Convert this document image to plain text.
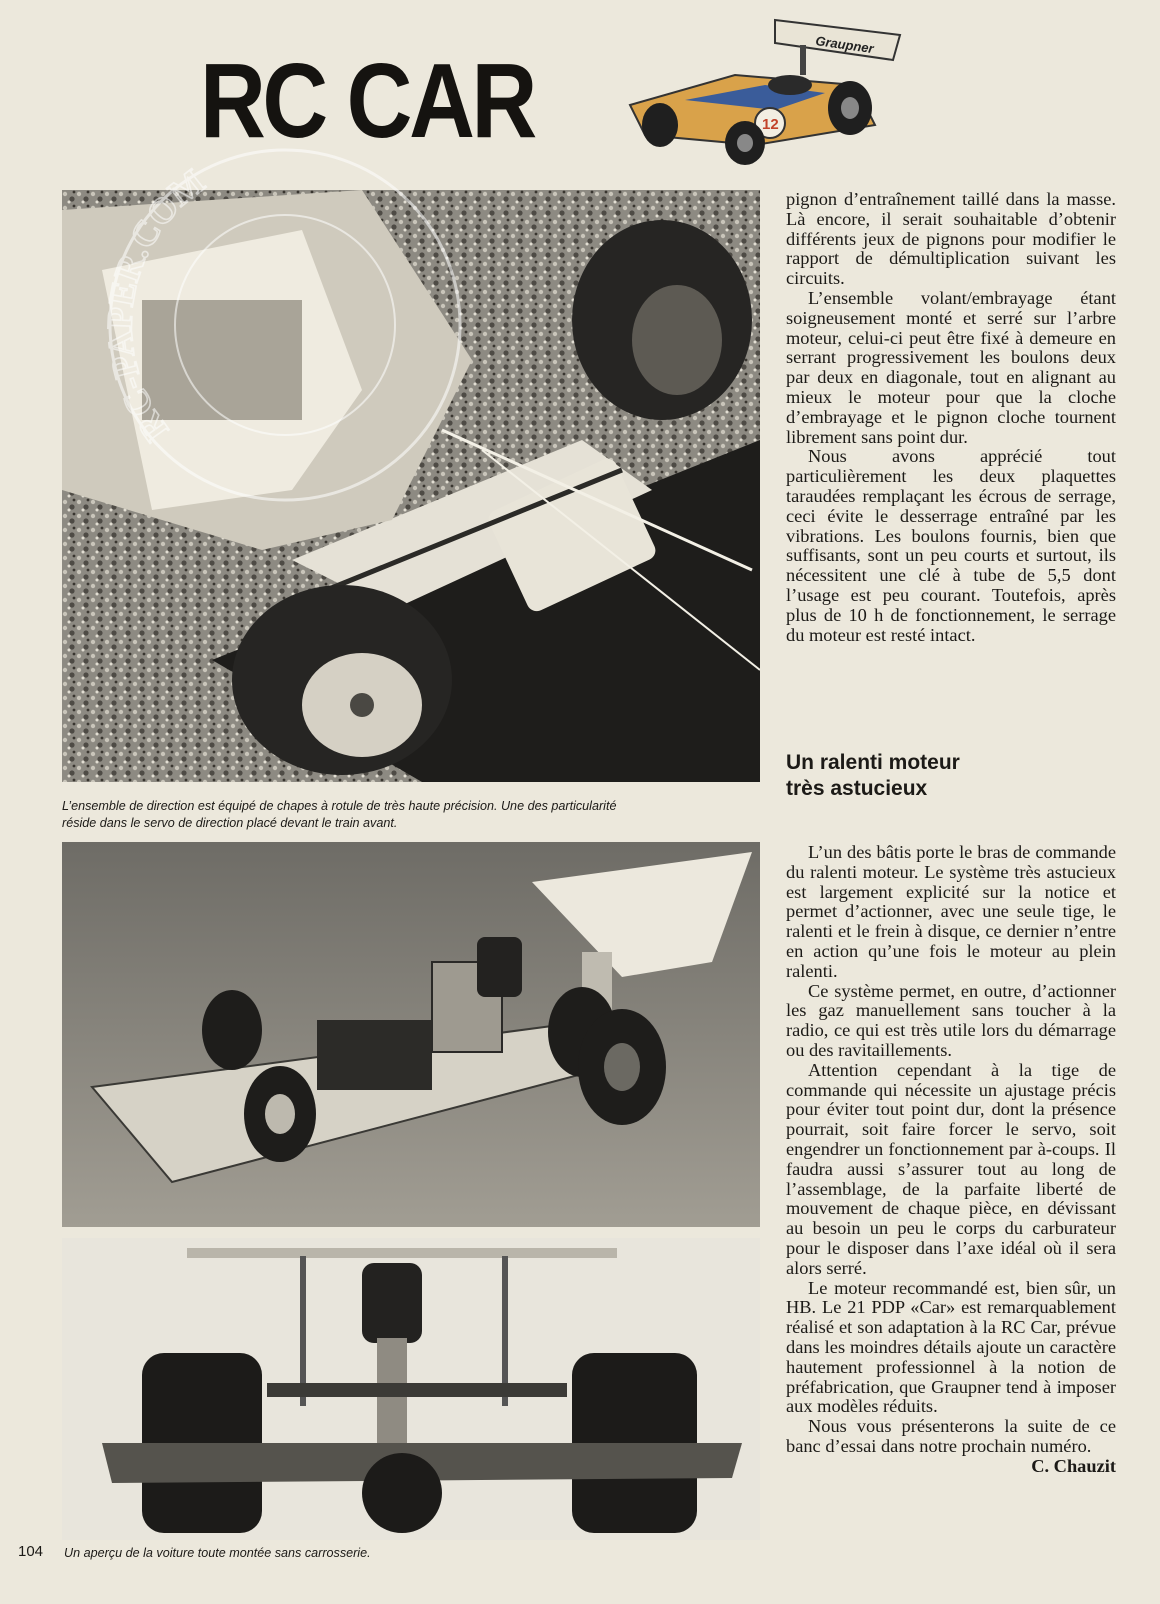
RC CAR	Graupner
12
RC-PAPER.COM
L’ensemble de direction est équipé de chapes à rotule de très haute précision. Une des particularité
réside dans le servo de direction placé devant le train avant.
Un aperçu de la voiture toute montée sans carrosserie.
104

pignon d’entraînement taillé dans la masse. Là encore, il serait souhaitable d’obtenir différents jeux de pignons pour modifier le rapport de démultiplication suivant les circuits.

L’ensemble volant/embrayage étant soigneusement monté et serré sur l’arbre moteur, celui-ci peut être fixé à demeure en serrant progressivement les boulons deux par deux en diagonale, tout en alignant au mieux le moteur pour que la cloche d’embrayage et le pignon cloche tournent librement sans point dur.

Nous avons apprécié tout particulièrement les deux plaquettes taraudées remplaçant les écrous de serrage, ceci évite le desserrage entraîné par les vibrations. Les boulons fournis, bien que suffisants, sont un peu courts et surtout, ils nécessitent une clé à tube de 5,5 dont l’usage est peu courant. Toutefois, après plus de 10 h de fonctionnement, le serrage du moteur est resté intact.

Un ralenti moteur
très astucieux

L’un des bâtis porte le bras de commande du ralenti moteur. Le système très astucieux est largement explicité sur la notice et permet d’actionner, avec une seule tige, le ralenti et le frein à disque, ce dernier n’entre en action qu’une fois le moteur au plein ralenti.

Ce système permet, en outre, d’actionner les gaz manuellement sans toucher à la radio, ce qui est très utile lors du démarrage ou des ravitaillements.

Attention cependant à la tige de commande qui nécessite un ajustage précis pour éviter tout point dur, dont la présence pourrait, soit faire forcer le servo, soit engendrer un fonctionnement par à-coups. Il faudra aussi s’assurer tout au long de l’assemblage, de la parfaite liberté de mouvement de chaque pièce, en dévissant au besoin un peu le corps du carburateur pour le disposer dans l’axe idéal où il sera alors serré.

Le moteur recommandé est, bien sûr, un HB. Le 21 PDP «Car» est remarquablement réalisé et son adaptation à la RC Car, prévue dans les moindres détails ajoute un caractère hautement professionnel à la notion de préfabrication, que Graupner tend à imposer aux modèles réduits.

Nous vous présenterons la suite de ce banc d’essai dans notre prochain numéro.

C. Chauzit
